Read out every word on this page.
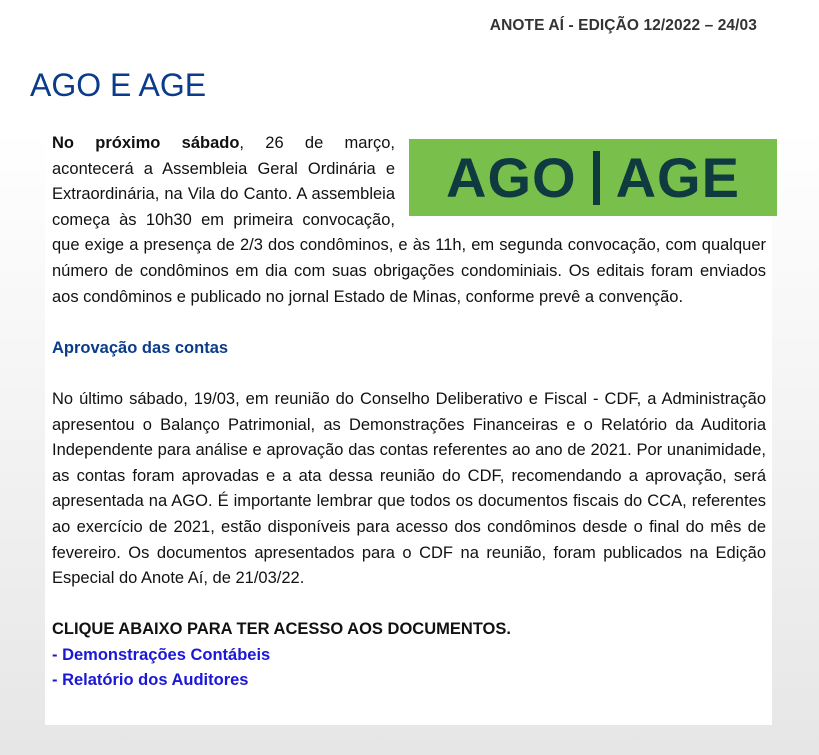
ANOTE AÍ - EDIÇÃO 12/2022 – 24/03
AGO E AGE

AGO AGE
No próximo sábado, 26 de março, acontecerá a Assembleia Geral Ordinária e Extraordinária, na Vila do Canto. A assembleia começa às 10h30 em primeira convocação, que exige a presença de 2/3 dos condôminos, e às 11h, em segunda convocação, com qualquer número de condôminos em dia com suas obrigações condominiais. Os editais foram enviados aos condôminos e publicado no jornal Estado de Minas, conforme prevê a convenção.

Aprovação das contas

No último sábado, 19/03, em reunião do Conselho Deliberativo e Fiscal - CDF, a Administração apresentou o Balanço Patrimonial, as Demonstrações Financeiras e o Relatório da Auditoria Independente para análise e aprovação das contas referentes ao ano de 2021. Por unanimidade, as contas foram aprovadas e a ata dessa reunião do CDF, recomendando a aprovação, será apresentada na AGO. É importante lembrar que todos os documentos fiscais do CCA, referentes ao exercício de 2021, estão disponíveis para acesso dos condôminos desde o final do mês de fevereiro. Os documentos apresentados para o CDF na reunião, foram publicados na Edição Especial do Anote Aí, de 21/03/22.

CLIQUE ABAIXO PARA TER ACESSO AOS DOCUMENTOS.

- Demonstrações Contábeis
- Relatório dos Auditores
